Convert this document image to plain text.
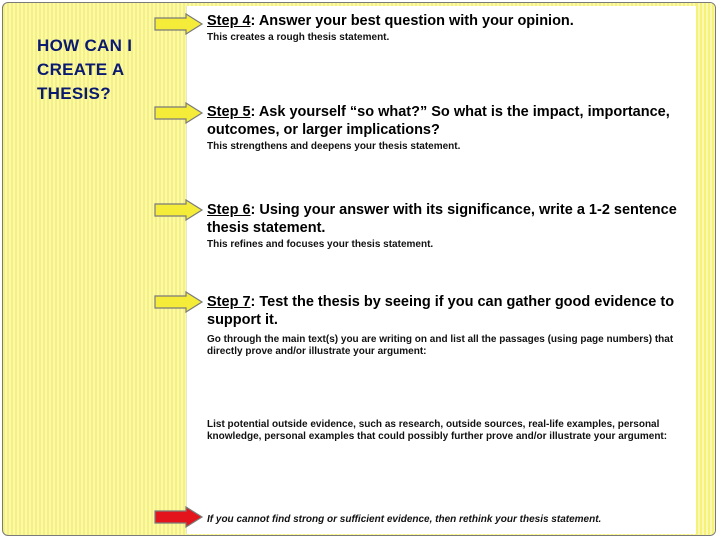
HOW CAN I CREATE A THESIS?
Step 4: Answer your best question with your opinion.
This creates a rough thesis statement.
Step 5: Ask yourself “so what?” So what is the impact, importance, outcomes, or larger implications?
This strengthens and deepens your thesis statement.
Step 6: Using your answer with its significance, write a 1-2 sentence thesis statement.
This refines and focuses your thesis statement.
Step 7: Test the thesis by seeing if you can gather good evidence to support it.
Go through the main text(s) you are writing on and list all the passages (using page numbers) that directly prove and/or illustrate your argument:
List potential outside evidence, such as research, outside sources, real-life examples, personal knowledge, personal examples that could possibly further prove and/or illustrate your argument:
If you cannot find strong or sufficient evidence, then rethink your thesis statement.
